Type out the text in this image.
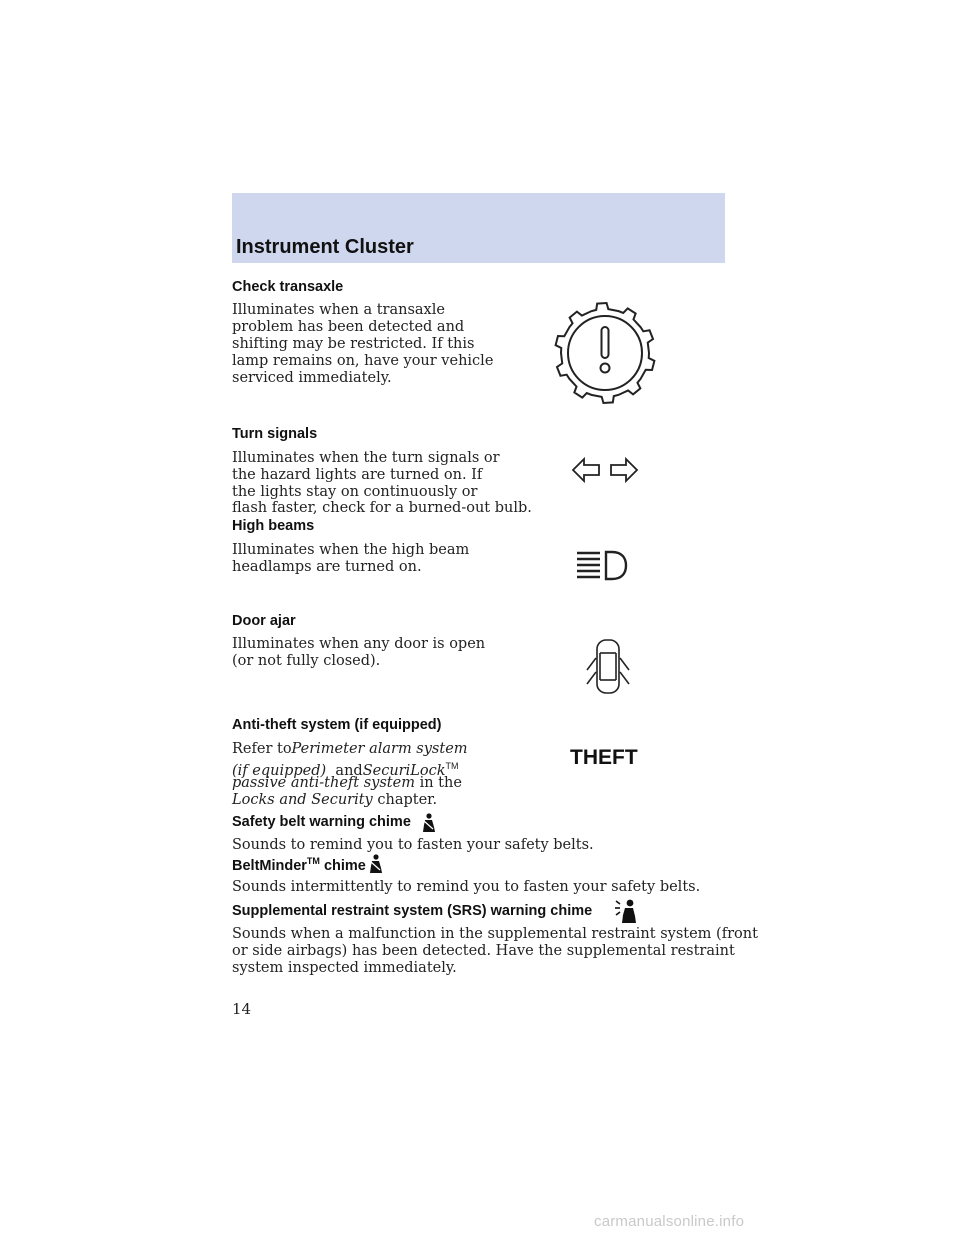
Instrument Cluster
Check transaxle
Illuminates when a transaxle
problem has been detected and
shifting may be restricted. If this
lamp remains on, have your vehicle
serviced immediately.
Turn signals
Illuminates when the turn signals or
the hazard lights are turned on. If
the lights stay on continuously or
flash faster, check for a burned-out bulb.
High beams
Illuminates when the high beam
headlamps are turned on.
Door ajar
Illuminates when any door is open
(or not fully closed).
Anti-theft system (if equipped)
Refer toPerimeter alarm system
(if equipped) andSecuriLock™
passive anti-theft system in the
Locks and Security chapter.
THEFT
Safety belt warning chime
Sounds to remind you to fasten your safety belts.
BeltMinder™ chime
Sounds intermittently to remind you to fasten your safety belts.
Supplemental restraint system (SRS) warning chime
Sounds when a malfunction in the supplemental restraint system (front
or side airbags) has been detected. Have the supplemental restraint
system inspected immediately.
14
carmanualsonline.info
